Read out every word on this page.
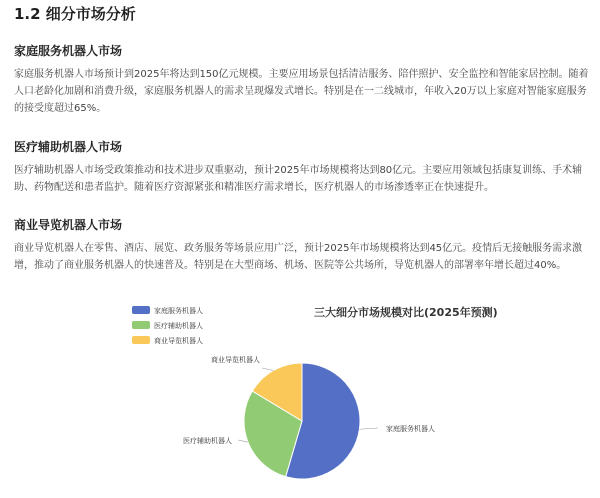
1.2 细分市场分析
家庭服务机器人市场

家庭服务机器人市场预计到2025年将达到150亿元规模。主要应用场景包括清洁服务、陪伴照护、安全监控和智能家居控制。随着人口老龄化加剧和消费升级，家庭服务机器人的需求呈现爆发式增长。特别是在一二线城市，年收入20万以上家庭对智能家庭服务的接受度超过65%。

医疗辅助机器人市场

医疗辅助机器人市场受政策推动和技术进步双重驱动，预计2025年市场规模将达到80亿元。主要应用领域包括康复训练、手术辅助、药物配送和患者监护。随着医疗资源紧张和精准医疗需求增长，医疗机器人的市场渗透率正在快速提升。

商业导览机器人市场

商业导览机器人在零售、酒店、展览、政务服务等场景应用广泛，预计2025年市场规模将达到45亿元。疫情后无接触服务需求激增，推动了商业服务机器人的快速普及。特别是在大型商场、机场、医院等公共场所，导览机器人的部署率年增长超过40%。

三大细分市场规模对比(2025年预测)
家庭服务机器人
医疗辅助机器人
商业导览机器人
家庭服务机器人
医疗辅助机器人
商业导览机器人
